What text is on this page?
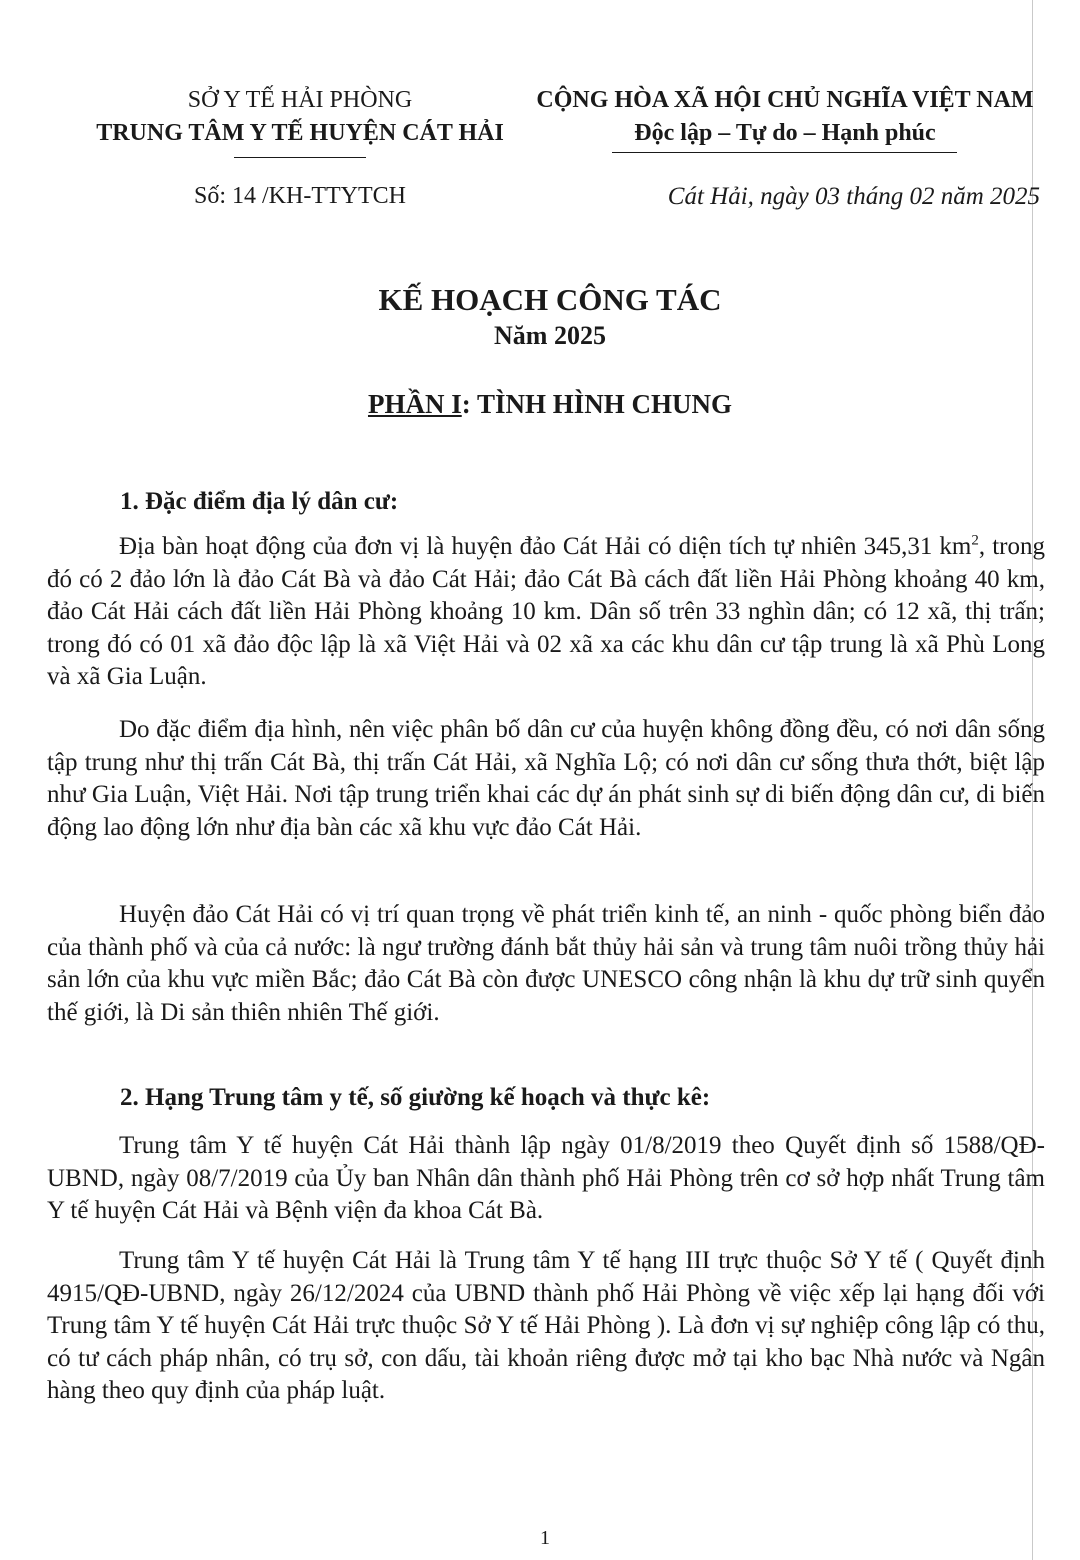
SỞ Y TẾ HẢI PHÒNG
TRUNG TÂM Y TẾ HUYỆN CÁT HẢI
Số: 14 /KH-TTYTCH
CỘNG HÒA XÃ HỘI CHỦ NGHĨA VIỆT NAM
Độc lập – Tự do – Hạnh phúc
Cát Hải, ngày 03 tháng 02 năm 2025
KẾ HOẠCH CÔNG TÁC
Năm 2025
PHẦN I: TÌNH HÌNH CHUNG
1. Đặc điểm địa lý dân cư:

Địa bàn hoạt động của đơn vị là huyện đảo Cát Hải có diện tích tự nhiên 345,31 $km^2$, trong đó có 2 đảo lớn là đảo Cát Bà và đảo Cát Hải; đảo Cát Bà cách đất liền Hải Phòng khoảng 40 km, đảo Cát Hải cách đất liền Hải Phòng khoảng 10 km. Dân số trên 33 nghìn dân; có 12 xã, thị trấn; trong đó có 01 xã đảo độc lập là xã Việt Hải và 02 xã xa các khu dân cư tập trung là xã Phù Long và xã Gia Luận.

Do đặc điểm địa hình, nên việc phân bố dân cư của huyện không đồng đều, có nơi dân sống tập trung như thị trấn Cát Bà, thị trấn Cát Hải, xã Nghĩa Lộ; có nơi dân cư sống thưa thớt, biệt lập như Gia Luận, Việt Hải. Nơi tập trung triển khai các dự án phát sinh sự di biến động dân cư, di biến động lao động lớn như địa bàn các xã khu vực đảo Cát Hải.

Huyện đảo Cát Hải có vị trí quan trọng về phát triển kinh tế, an ninh - quốc phòng biển đảo của thành phố và của cả nước: là ngư trường đánh bắt thủy hải sản và trung tâm nuôi trồng thủy hải sản lớn của khu vực miền Bắc; đảo Cát Bà còn được UNESCO công nhận là khu dự trữ sinh quyển thế giới, là Di sản thiên nhiên Thế giới.

2. Hạng Trung tâm y tế, số giường kế hoạch và thực kê:

Trung tâm Y tế huyện Cát Hải thành lập ngày 01/8/2019 theo Quyết định số 1588/QĐ-UBND, ngày 08/7/2019 của Ủy ban Nhân dân thành phố Hải Phòng trên cơ sở hợp nhất Trung tâm Y tế huyện Cát Hải và Bệnh viện đa khoa Cát Bà.

Trung tâm Y tế huyện Cát Hải là Trung tâm Y tế hạng III trực thuộc Sở Y tế ( Quyết định 4915/QĐ-UBND, ngày 26/12/2024 của UBND thành phố Hải Phòng về việc xếp lại hạng đối với Trung tâm Y tế huyện Cát Hải trực thuộc Sở Y tế Hải Phòng ). Là đơn vị sự nghiệp công lập có thu, có tư cách pháp nhân, có trụ sở, con dấu, tài khoản riêng được mở tại kho bạc Nhà nước và Ngân hàng theo quy định của pháp luật.

1
